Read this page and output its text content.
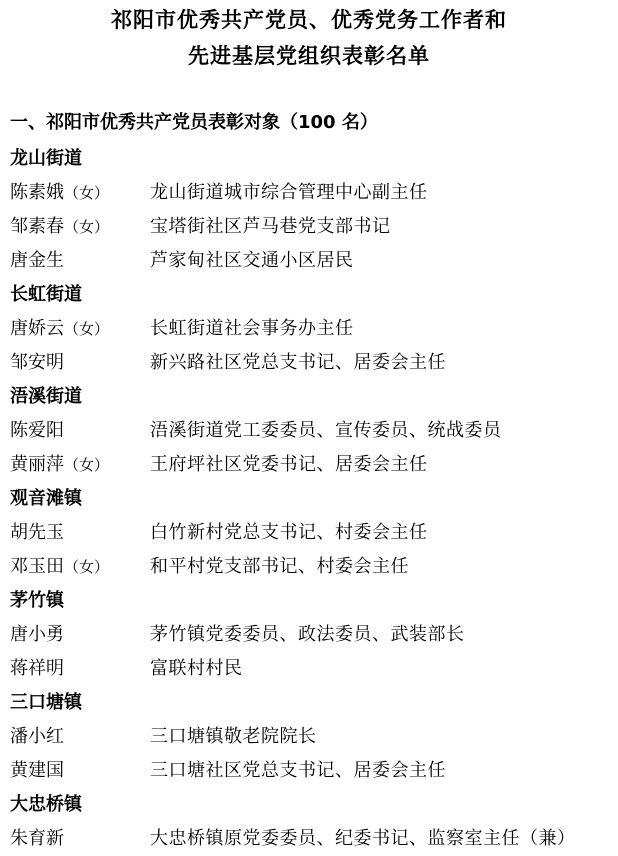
祁阳市优秀共产党员、优秀党务工作者和
先进基层党组织表彰名单
一、祁阳市优秀共产党员表彰对象（100 名）
龙山街道
陈素娥（女） 龙山街道城市综合管理中心副主任
邹素春（女） 宝塔街社区芦马巷党支部书记
唐金生	芦家甸社区交通小区居民
长虹街道
唐娇云（女） 长虹街道社会事务办主任
邹安明	新兴路社区党总支书记、居委会主任
浯溪街道
陈爱阳	浯溪街道党工委委员、宣传委员、统战委员
黄丽萍（女） 王府坪社区党委书记、居委会主任
观音滩镇
胡先玉	白竹新村党总支书记、村委会主任
邓玉田（女） 和平村党支部书记、村委会主任
茅竹镇
唐小勇	茅竹镇党委委员、政法委员、武装部长
蒋祥明	富联村村民
三口塘镇
潘小红	三口塘镇敬老院院长
黄建国	三口塘社区党总支书记、居委会主任
大忠桥镇
朱育新	大忠桥镇原党委委员、纪委书记、监察室主任（兼）
